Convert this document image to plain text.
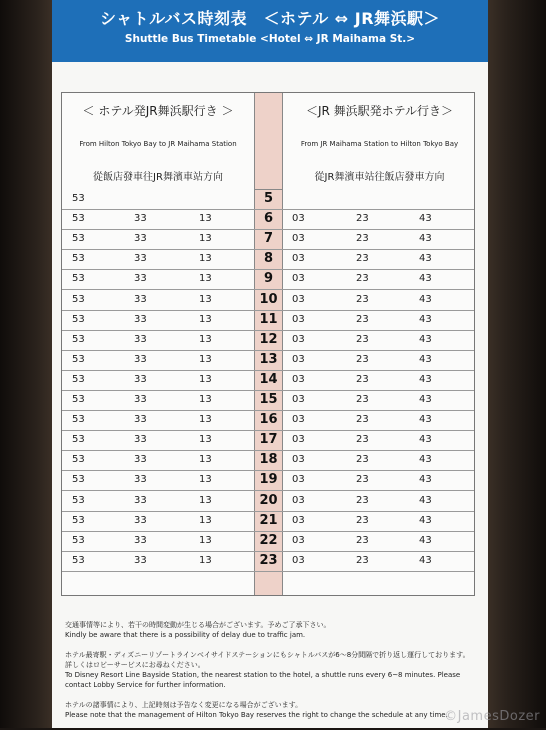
シャトルバス時刻表　＜ホテル ⇔ JR舞浜駅＞
Shuttle Bus Timetable <Hotel ⇔ JR Maihama St.>
＜ ホテル発JR舞浜駅行き ＞
From Hilton Tokyo Bay to JR Maihama Station
從飯店發車往JR舞濱車站方向
＜JR 舞浜駅発ホテル行き＞
From JR Maihama Station to Hilton Tokyo Bay
從JR舞濱車站往飯店發車方向
53	5
53	33	13	6	03	23	43
53	33	13	7	03	23	43
53	33	13	8	03	23	43
53	33	13	9	03	23	43
53	33	13	10	03	23	43
53	33	13	11	03	23	43
53	33	13	12	03	23	43
53	33	13	13	03	23	43
53	33	13	14	03	23	43
53	33	13	15	03	23	43
53	33	13	16	03	23	43
53	33	13	17	03	23	43
53	33	13	18	03	23	43
53	33	13	19	03	23	43
53	33	13	20	03	23	43
53	33	13	21	03	23	43
53	33	13	22	03	23	43
53	33	13	23	03	23	43

交通事情等により、若干の時間変動が生じる場合がございます。予めご了承下さい。
Kindly be aware that there is a possibility of delay due to traffic jam.

ホテル最寄駅・ディズニーリゾートラインベイサイドステーションにもシャトルバスが6〜8分間隔で折り返し運行しております。
詳しくはロビーサービスにお尋ねください。
To Disney Resort Line Bayside Station, the nearest station to the hotel, a shuttle runs every 6~8 minutes. Please
contact Lobby Service for further information.

ホテルの諸事情により、上記時刻は予告なく変更になる場合がございます。
Please note that the management of Hilton Tokyo Bay reserves the right to change the schedule at any time.

©JamesDozer
